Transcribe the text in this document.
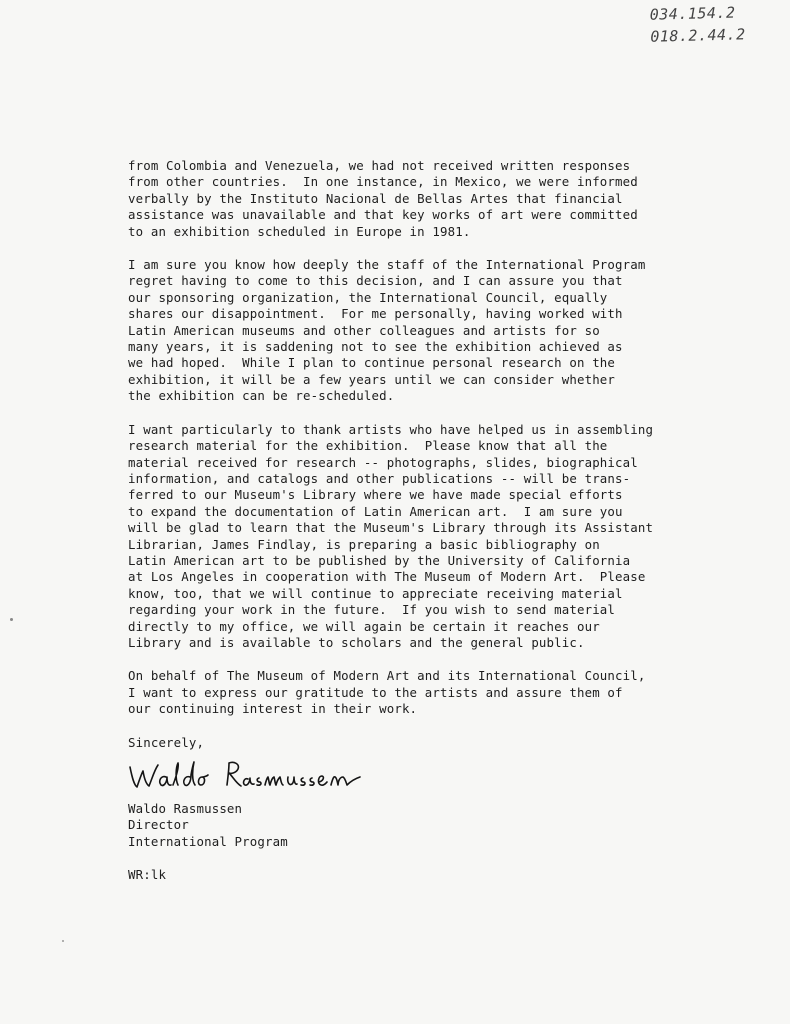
034.154.2
018.2.44.2

from Colombia and Venezuela, we had not received written responses
from other countries.  In one instance, in Mexico, we were informed
verbally by the Instituto Nacional de Bellas Artes that financial
assistance was unavailable and that key works of art were committed
to an exhibition scheduled in Europe in 1981.

I am sure you know how deeply the staff of the International Program
regret having to come to this decision, and I can assure you that
our sponsoring organization, the International Council, equally
shares our disappointment.  For me personally, having worked with
Latin American museums and other colleagues and artists for so
many years, it is saddening not to see the exhibition achieved as
we had hoped.  While I plan to continue personal research on the
exhibition, it will be a few years until we can consider whether
the exhibition can be re-scheduled.

I want particularly to thank artists who have helped us in assembling
research material for the exhibition.  Please know that all the
material received for research -- photographs, slides, biographical
information, and catalogs and other publications -- will be trans-
ferred to our Museum's Library where we have made special efforts
to expand the documentation of Latin American art.  I am sure you
will be glad to learn that the Museum's Library through its Assistant
Librarian, James Findlay, is preparing a basic bibliography on
Latin American art to be published by the University of California
at Los Angeles in cooperation with The Museum of Modern Art.  Please
know, too, that we will continue to appreciate receiving material
regarding your work in the future.  If you wish to send material
directly to my office, we will again be certain it reaches our
Library and is available to scholars and the general public.

On behalf of The Museum of Modern Art and its International Council,
I want to express our gratitude to the artists and assure them of
our continuing interest in their work.

Sincerely,
Waldo Rasmussen
Director
International Program
WR:lk
